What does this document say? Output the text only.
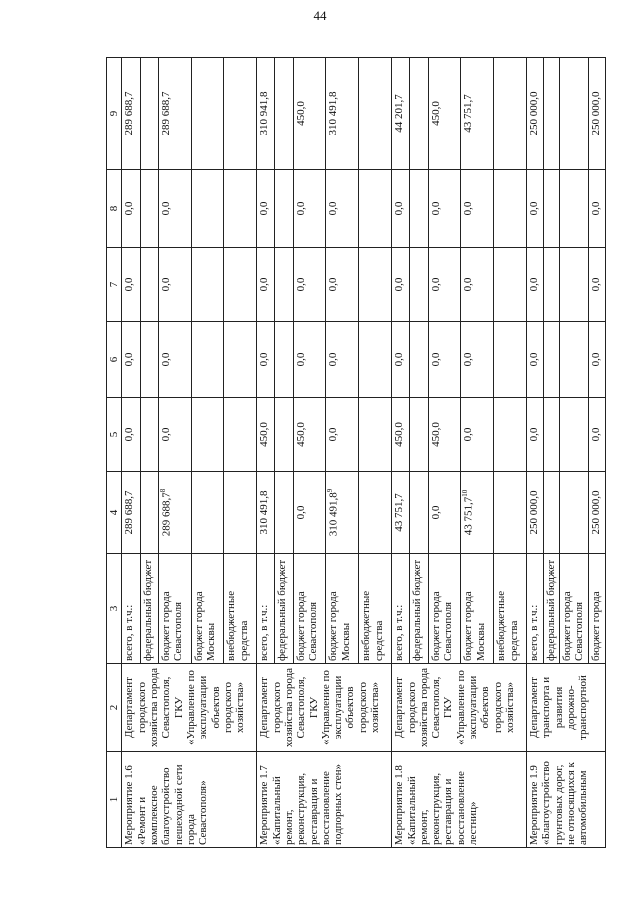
44
1	2	3	4	5	6	7	8	9
Мероприятие 1.6 «Ремонт и комплексное благоустройство пешеходной сети города Севастополя»	Департамент городского хозяйства города Севастополя, ГКУ «Управление по эксплуатации объектов городского хозяйства»	всего, в т.ч.:	289 688,7	0,0	0,0	0,0	0,0	289 688,7
		федеральный бюджет						
		бюджет города Севастополя	289 688,7$^8$	0,0	0,0	0,0	0,0	289 688,7
		бюджет города Москвы						
		внебюджетные средства						
Мероприятие 1.7 «Капитальный ремонт, реконструкция, реставрация и восстановление подпорных стен»	Департамент городского хозяйства города Севастополя, ГКУ «Управление по эксплуатации объектов городского хозяйства»	всего, в т.ч.:	310 491,8	450,0	0,0	0,0	0,0	310 941,8
		федеральный бюджет						
		бюджет города Севастополя	0,0	450,0	0,0	0,0	0,0	450,0
		бюджет города Москвы	310 491,8$^9$	0,0	0,0	0,0	0,0	310 491,8
		внебюджетные средства						
Мероприятие 1.8 «Капитальный ремонт, реконструкция, реставрация и восстановление лестниц»	Департамент городского хозяйства города Севастополя, ГКУ «Управление по эксплуатации объектов городского хозяйства»	всего, в т.ч.:	43 751,7	450,0	0,0	0,0	0,0	44 201,7
		федеральный бюджет						
		бюджет города Севастополя	0,0	450,0	0,0	0,0	0,0	450,0
		бюджет города Москвы	43 751,7$^{10}$	0,0	0,0	0,0	0,0	43 751,7
		внебюджетные средства						
Мероприятие 1.9 «Благоустройство грунтовых дорог, не относящихся к автомобильным	Департамент транспорта и развития дорожно-транспортной	всего, в т.ч.:	250 000,0	0,0	0,0	0,0	0,0	250 000,0
		федеральный бюджет						
		бюджет города Севастополя						
		бюджет города	250 000,0	0,0	0,0	0,0	0,0	250 000,0
